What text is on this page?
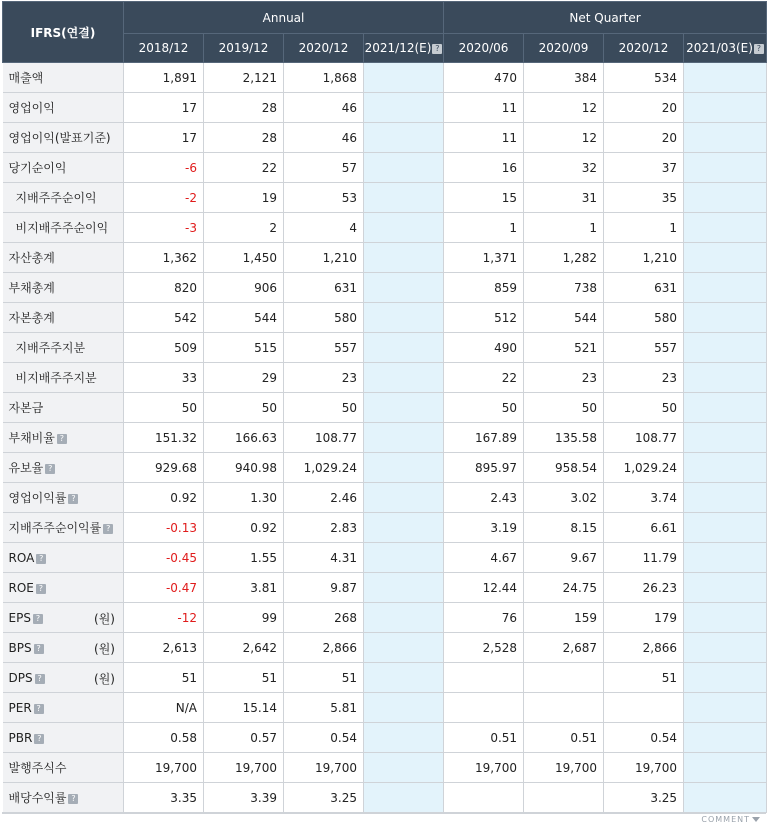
IFRS(연결)	Annual				Net Quarter			
	2018/12	2019/12	2020/12	2021/12(E) ?	2020/06	2020/09	2020/12	2021/03(E) ?
매출액	1,891	2,121	1,868		470	384	534	
영업이익	17	28	46		11	12	20	
영업이익(발표기준)	17	28	46		11	12	20	
당기순이익	-6	22	57		16	32	37	
지배주주순이익	-2	19	53		15	31	35	
비지배주주순이익	-3	2	4		1	1	1	
자산총계	1,362	1,450	1,210		1,371	1,282	1,210	
부채총계	820	906	631		859	738	631	
자본총계	542	544	580		512	544	580	
지배주주지분	509	515	557		490	521	557	
비지배주주지분	33	29	23		22	23	23	
자본금	50	50	50		50	50	50	
부채비율 ?	151.32	166.63	108.77		167.89	135.58	108.77	
유보율 ?	929.68	940.98	1,029.24		895.97	958.54	1,029.24	
영업이익률 ?	0.92	1.30	2.46		2.43	3.02	3.74	
지배주주순이익률 ?	-0.13	0.92	2.83		3.19	8.15	6.61	
ROA ?	-0.45	1.55	4.31		4.67	9.67	11.79	
ROE ?	-0.47	3.81	9.87		12.44	24.75	26.23	
EPS ? (원)	-12	99	268		76	159	179	
BPS ? (원)	2,613	2,642	2,866		2,528	2,687	2,866	
DPS ? (원)	51	51	51				51	
PER ?	N/A	15.14	5.81					
PBR ?	0.58	0.57	0.54		0.51	0.51	0.54	
발행주식수	19,700	19,700	19,700		19,700	19,700	19,700	
배당수익률 ?	3.35	3.39	3.25				3.25	
COMMENT
